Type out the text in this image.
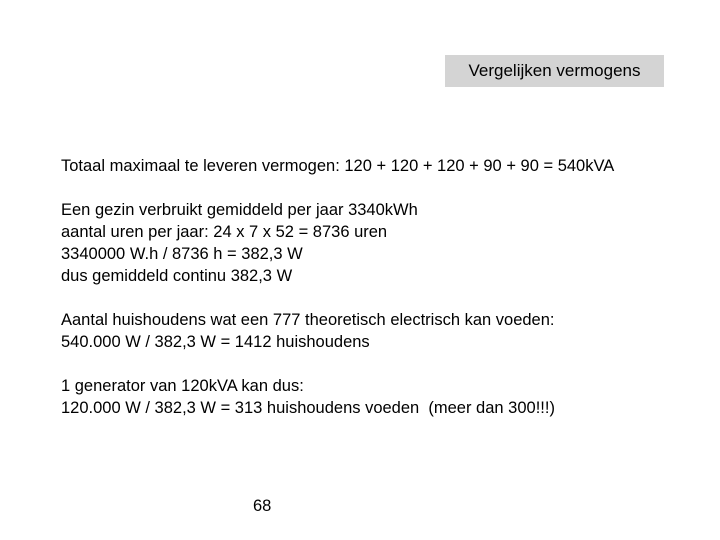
Vergelijken vermogens
Totaal maximaal te leveren vermogen: 120 + 120 + 120 + 90 + 90 = 540kVA
Een gezin verbruikt gemiddeld per jaar 3340kWh
aantal uren per jaar: 24 x 7 x 52 = 8736 uren
3340000 W.h / 8736 h = 382,3 W
dus gemiddeld continu 382,3 W
Aantal huishoudens wat een 777 theoretisch electrisch kan voeden:
540.000 W / 382,3 W = 1412 huishoudens
1 generator van 120kVA kan dus:
120.000 W / 382,3 W = 313 huishoudens voeden  (meer dan 300!!!)
68
